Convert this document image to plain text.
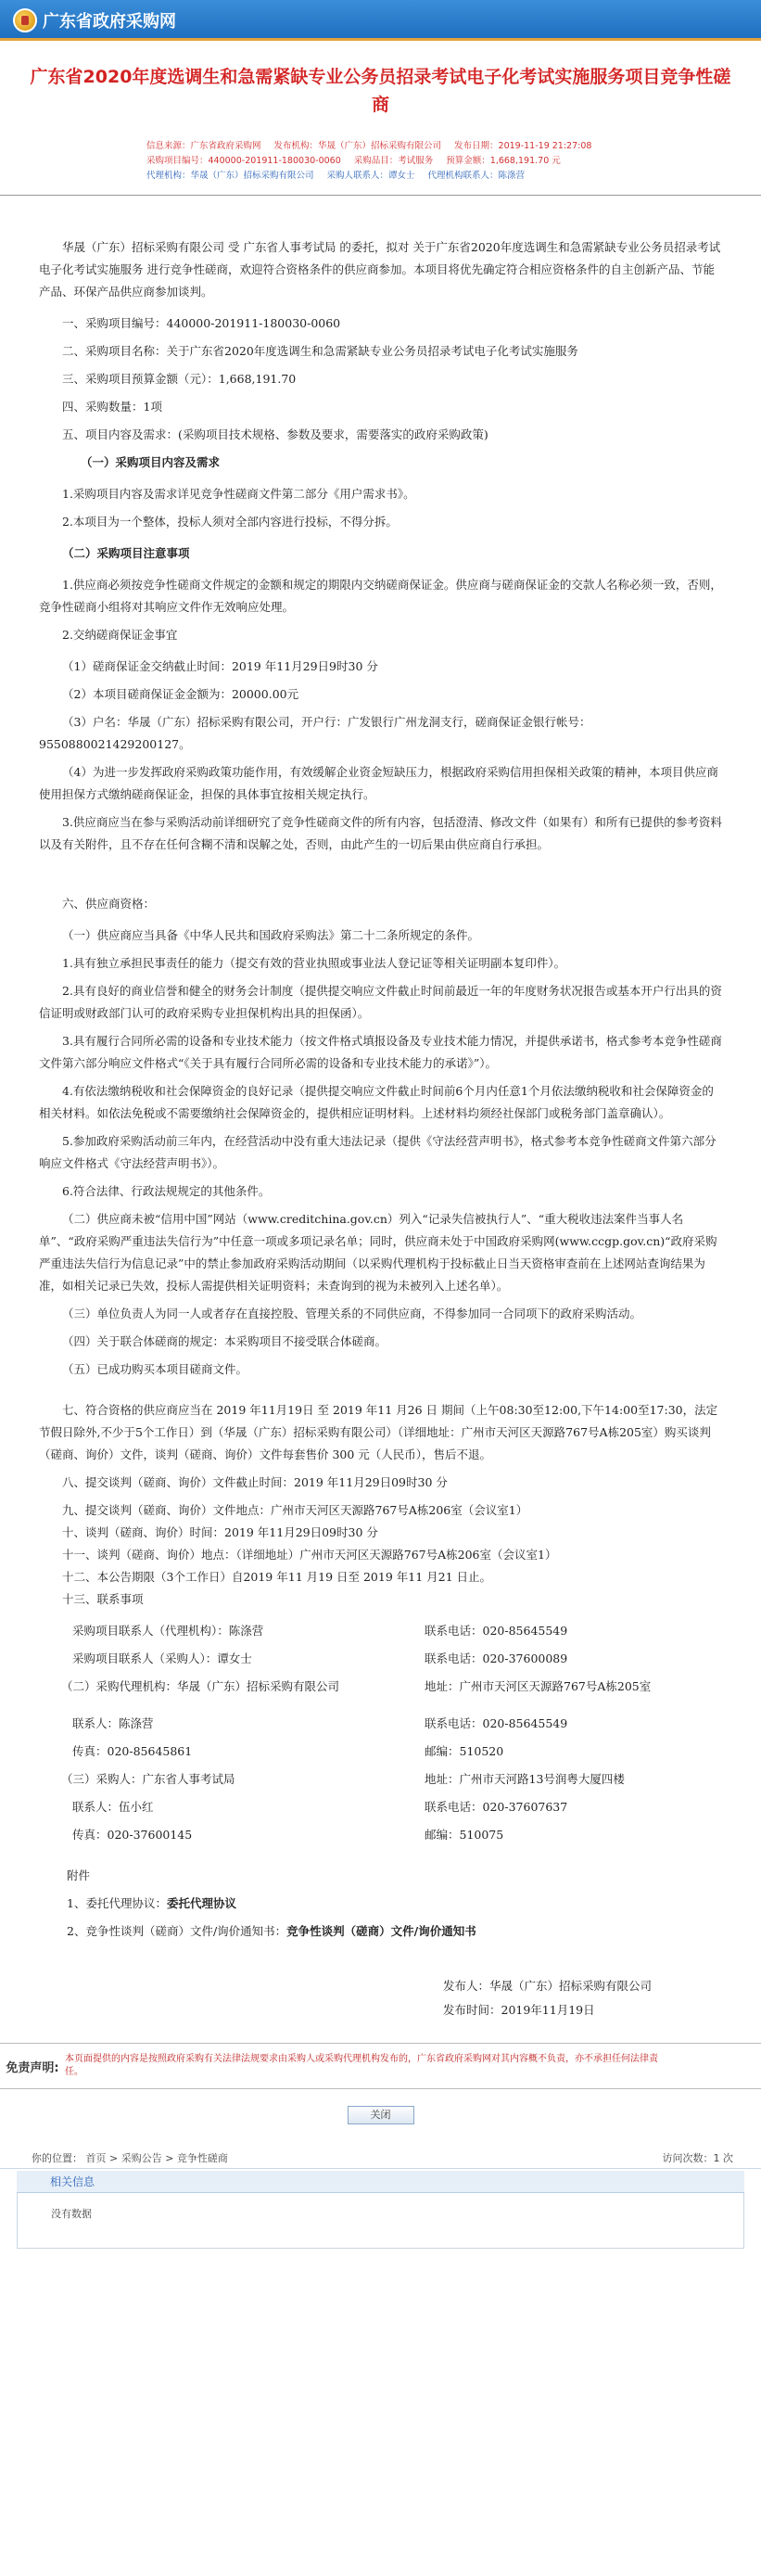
广东省政府采购网
广东省2020年度选调生和急需紧缺专业公务员招录考试电子化考试实施服务项目竞争性磋商
信息来源：广东省政府采购网 发布机构：华晟（广东）招标采购有限公司 发布日期：2019-11-19 21:27:08
采购项目编号：440000-201911-180030-0060 采购品目：考试服务 预算金额：1,668,191.70 元
代理机构：华晟（广东）招标采购有限公司 采购人联系人：谭女士 代理机构联系人：陈涤营
华晟（广东）招标采购有限公司 受 广东省人事考试局 的委托，拟对 关于广东省2020年度选调生和急需紧缺专业公务员招录考试电子化考试实施服务 进行竞争性磋商，欢迎符合资格条件的供应商参加。本项目将优先确定符合相应资格条件的自主创新产品、节能产品、环保产品供应商参加谈判。
一、采购项目编号：440000-201911-180030-0060
二、采购项目名称：关于广东省2020年度选调生和急需紧缺专业公务员招录考试电子化考试实施服务
三、采购项目预算金额（元）：1,668,191.70
四、采购数量：1项
五、项目内容及需求：(采购项目技术规格、参数及要求，需要落实的政府采购政策)
（一）采购项目内容及需求
1.采购项目内容及需求详见竞争性磋商文件第二部分《用户需求书》。
2.本项目为一个整体，投标人须对全部内容进行投标，不得分拆。
（二）采购项目注意事项
1.供应商必须按竞争性磋商文件规定的金额和规定的期限内交纳磋商保证金。供应商与磋商保证金的交款人名称必须一致，否则，竞争性磋商小组将对其响应文件作无效响应处理。
2.交纳磋商保证金事宜
（1）磋商保证金交纳截止时间：2019 年11月29日9时30 分
（2）本项目磋商保证金金额为：20000.00元
（3）户名：华晟（广东）招标采购有限公司，开户行：广发银行广州龙洞支行，磋商保证金银行帐号：9550880021429200127。
（4）为进一步发挥政府采购政策功能作用，有效缓解企业资金短缺压力，根据政府采购信用担保相关政策的精神，本项目供应商使用担保方式缴纳磋商保证金，担保的具体事宜按相关规定执行。
3.供应商应当在参与采购活动前详细研究了竞争性磋商文件的所有内容，包括澄清、修改文件（如果有）和所有已提供的参考资料以及有关附件，且不存在任何含糊不清和误解之处，否则，由此产生的一切后果由供应商自行承担。
六、供应商资格：
（一）供应商应当具备《中华人民共和国政府采购法》第二十二条所规定的条件。
1.具有独立承担民事责任的能力（提交有效的营业执照或事业法人登记证等相关证明副本复印件）。
2.具有良好的商业信誉和健全的财务会计制度（提供提交响应文件截止时间前最近一年的年度财务状况报告或基本开户行出具的资信证明或财政部门认可的政府采购专业担保机构出具的担保函）。
3.具有履行合同所必需的设备和专业技术能力（按文件格式填报设备及专业技术能力情况，并提供承诺书，格式参考本竞争性磋商文件第六部分响应文件格式“《关于具有履行合同所必需的设备和专业技术能力的承诺》”）。
4.有依法缴纳税收和社会保障资金的良好记录（提供提交响应文件截止时间前6个月内任意1个月依法缴纳税收和社会保障资金的相关材料。如依法免税或不需要缴纳社会保障资金的，提供相应证明材料。上述材料均须经社保部门或税务部门盖章确认）。
5.参加政府采购活动前三年内，在经营活动中没有重大违法记录（提供《守法经营声明书》，格式参考本竞争性磋商文件第六部分响应文件格式《守法经营声明书》）。
6.符合法律、行政法规规定的其他条件。
（二）供应商未被“信用中国”网站（www.creditchina.gov.cn）列入“记录失信被执行人”、“重大税收违法案件当事人名单”、“政府采购严重违法失信行为”中任意一项或多项记录名单；同时，供应商未处于中国政府采购网(www.ccgp.gov.cn)“政府采购严重违法失信行为信息记录”中的禁止参加政府采购活动期间（以采购代理机构于投标截止日当天资格审查前在上述网站查询结果为准，如相关记录已失效，投标人需提供相关证明资料；未查询到的视为未被列入上述名单）。
（三）单位负责人为同一人或者存在直接控股、管理关系的不同供应商，不得参加同一合同项下的政府采购活动。
（四）关于联合体磋商的规定：本采购项目不接受联合体磋商。
（五）已成功购买本项目磋商文件。
七、符合资格的供应商应当在 2019 年11月19日 至 2019 年11 月26 日 期间（上午08:30至12:00,下午14:00至17:30，法定节假日除外,不少于5个工作日）到（华晟（广东）招标采购有限公司）（详细地址：广州市天河区天源路767号A栋205室）购买谈判（磋商、询价）文件，谈判（磋商、询价）文件每套售价 300 元（人民币），售后不退。
八、提交谈判（磋商、询价）文件截止时间：2019 年11月29日09时30 分
九、提交谈判（磋商、询价）文件地点：广州市天河区天源路767号A栋206室（会议室1）
十、谈判（磋商、询价）时间：2019 年11月29日09时30 分
十一、谈判（磋商、询价）地点：（详细地址）广州市天河区天源路767号A栋206室（会议室1）
十二、本公告期限（3个工作日）自2019 年11 月19 日至 2019 年11 月21 日止。
十三、联系事项
采购项目联系人（代理机构）：陈涤营	联系电话：020-85645549
采购项目联系人（采购人）：谭女士	联系电话：020-37600089
（二）采购代理机构：华晟（广东）招标采购有限公司	地址：广州市天河区天源路767号A栋205室
联系人：陈涤营	联系电话：020-85645549
传真：020-85645861	邮编：510520
（三）采购人：广东省人事考试局	地址：广州市天河路13号润粤大厦四楼
联系人：伍小红	联系电话：020-37607637
传真：020-37600145	邮编：510075
附件
1、委托代理协议：委托代理协议
2、竞争性谈判（磋商）文件/询价通知书：竞争性谈判（磋商）文件/询价通知书
发布人：华晟（广东）招标采购有限公司
发布时间：2019年11月19日
免责声明:
本页面提供的内容是按照政府采购有关法律法规要求由采购人或采购代理机构发布的，广东省政府采购网对其内容概不负责，亦不承担任何法律责任。
关闭
你的位置： 首页 > 采购公告 > 竞争性磋商	访问次数：1 次
相关信息
没有数据
